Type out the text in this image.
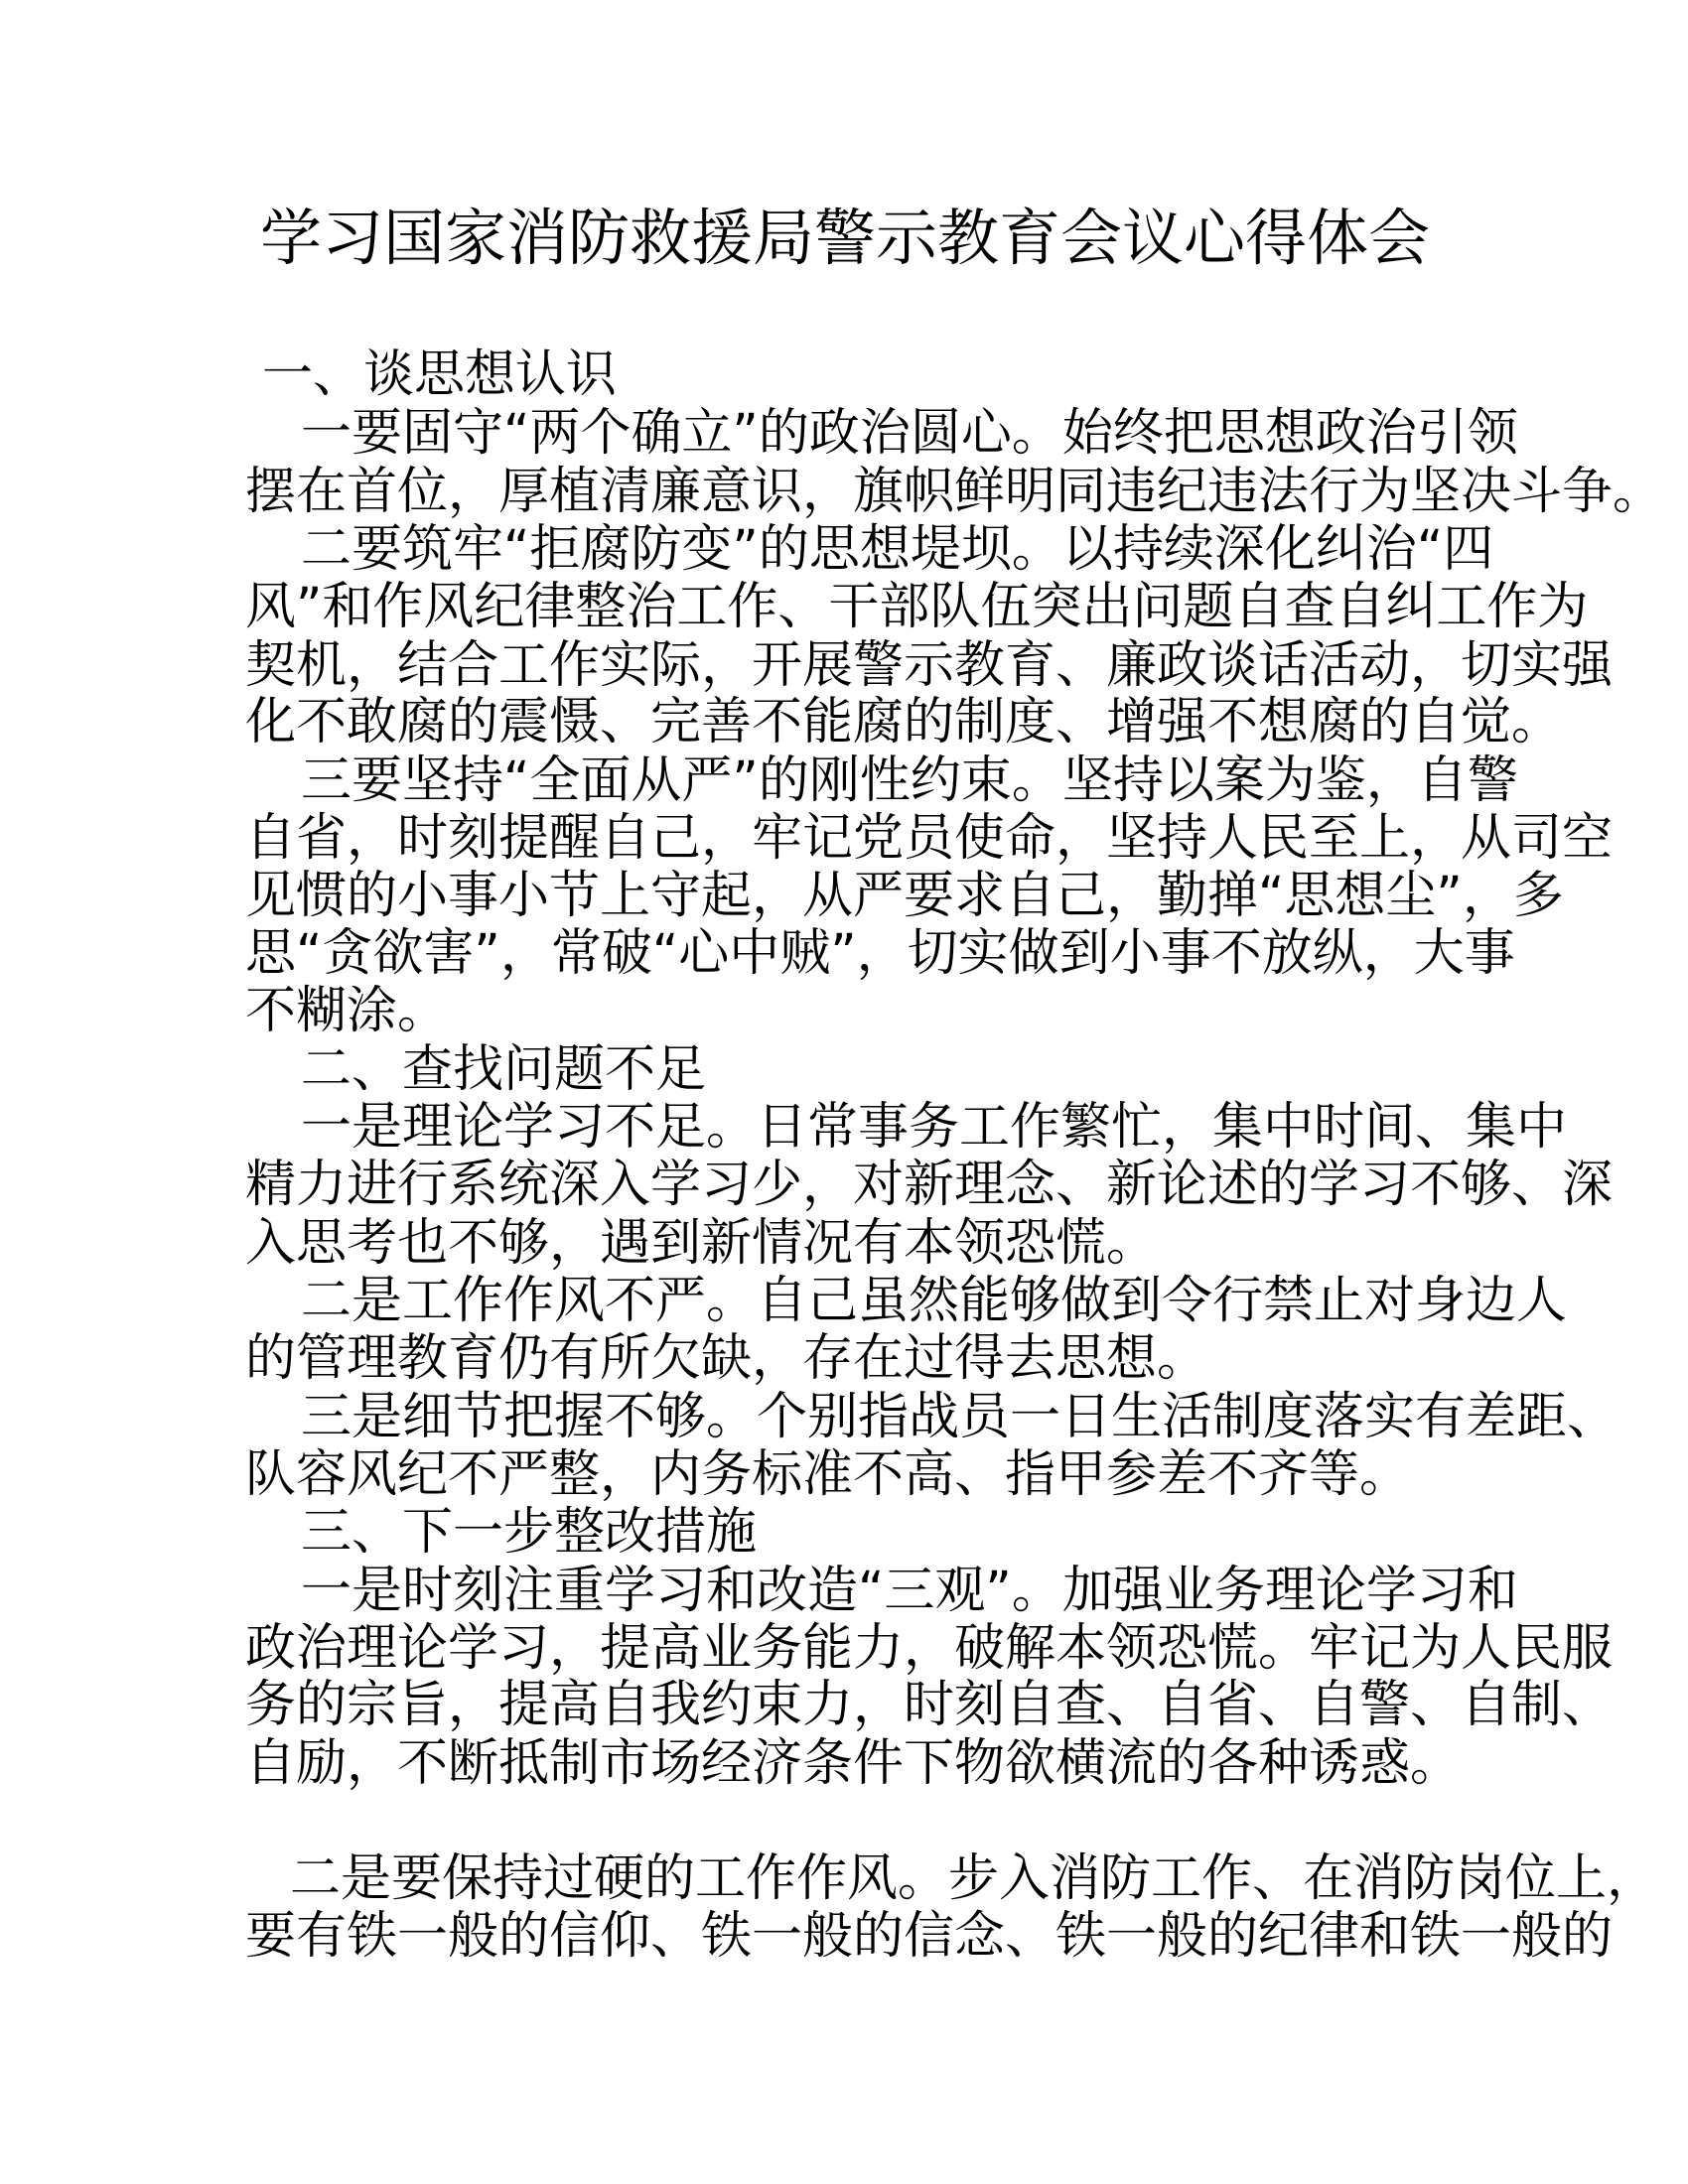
学习国家消防救援局警示教育会议心得体会
一、谈思想认识
一要固守“两个确立”的政治圆心。始终把思想政治引领
摆在首位，厚植清廉意识，旗帜鲜明同违纪违法行为坚决斗争。
二要筑牢“拒腐防变”的思想堤坝。以持续深化纠治“四
风”和作风纪律整治工作、干部队伍突出问题自查自纠工作为
契机，结合工作实际，开展警示教育、廉政谈话活动，切实强
化不敢腐的震慑、完善不能腐的制度、增强不想腐的自觉。
三要坚持“全面从严”的刚性约束。坚持以案为鉴，自警
自省，时刻提醒自己，牢记党员使命，坚持人民至上，从司空
见惯的小事小节上守起，从严要求自己，勤掸“思想尘”，多
思“贪欲害”，常破“心中贼”，切实做到小事不放纵，大事
不糊涂。
二、查找问题不足
一是理论学习不足。日常事务工作繁忙，集中时间、集中
精力进行系统深入学习少，对新理念、新论述的学习不够、深
入思考也不够，遇到新情况有本领恐慌。
二是工作作风不严。自己虽然能够做到令行禁止对身边人
的管理教育仍有所欠缺，存在过得去思想。
三是细节把握不够。个别指战员一日生活制度落实有差距、
队容风纪不严整，内务标准不高、指甲参差不齐等。
三、下一步整改措施
一是时刻注重学习和改造“三观”。加强业务理论学习和
政治理论学习，提高业务能力，破解本领恐慌。牢记为人民服
务的宗旨，提高自我约束力，时刻自查、自省、自警、自制、
自励，不断抵制市场经济条件下物欲横流的各种诱惑。
二是要保持过硬的工作作风。步入消防工作、在消防岗位上，
要有铁一般的信仰、铁一般的信念、铁一般的纪律和铁一般的
